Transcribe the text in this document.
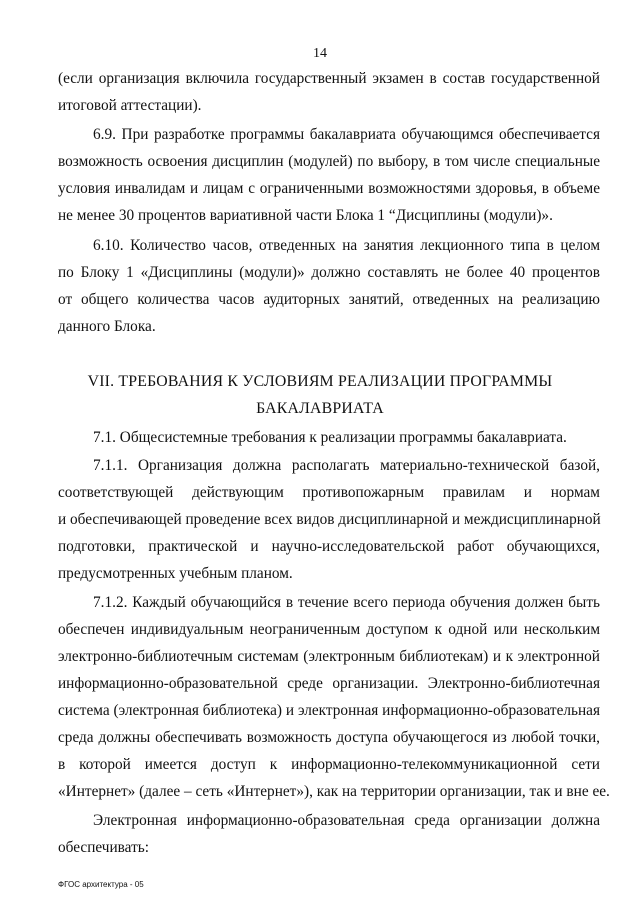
14
(если организация включила государственный экзамен в состав государственной
итоговой аттестации).
6.9. При разработке программы бакалавриата обучающимся обеспечивается
возможность освоения дисциплин (модулей) по выбору, в том числе специальные
условия инвалидам и лицам с ограниченными возможностями здоровья, в объеме
не менее 30 процентов вариативной части Блока 1 “Дисциплины (модули)».
6.10. Количество часов, отведенных на занятия лекционного типа в целом
по Блоку 1 «Дисциплины (модули)» должно составлять не более 40 процентов
от общего количества часов аудиторных занятий, отведенных на реализацию
данного Блока.
VII. ТРЕБОВАНИЯ К УСЛОВИЯМ РЕАЛИЗАЦИИ ПРОГРАММЫ
БАКАЛАВРИАТА
7.1. Общесистемные требования к реализации программы бакалавриата.
7.1.1. Организация должна располагать материально-технической базой,
соответствующей действующим противопожарным правилам и нормам
и обеспечивающей проведение всех видов дисциплинарной и междисциплинарной
подготовки, практической и научно-исследовательской работ обучающихся,
предусмотренных учебным планом.
7.1.2. Каждый обучающийся в течение всего периода обучения должен быть
обеспечен индивидуальным неограниченным доступом к одной или нескольким
электронно-библиотечным системам (электронным библиотекам) и к электронной
информационно-образовательной среде организации. Электронно-библиотечная
система (электронная библиотека) и электронная информационно-образовательная
среда должны обеспечивать возможность доступа обучающегося из любой точки,
в которой имеется доступ к информационно-телекоммуникационной сети
«Интернет» (далее – сеть «Интернет»), как на территории организации, так и вне ее.
Электронная информационно-образовательная среда организации должна
обеспечивать:
ФГОС архитектура - 05
